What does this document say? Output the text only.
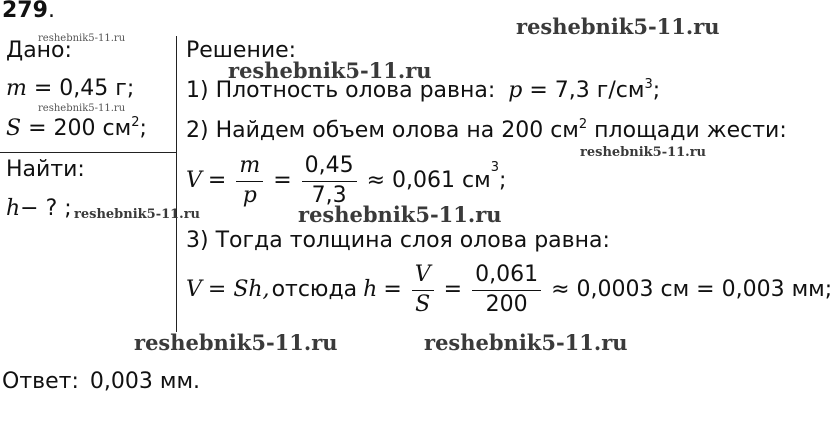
279.
Дано:
m = 0,45 г;
S = 200 $см^2$;
Найти:
h− ? ;
Решение:
1) Плотность олова равна: p = 7,3 $г/см^3$;
2) Найдем объем олова на 200 $см^2$ площади жести:
$V = \frac{m}{p} = \frac{0,45}{7,3} \approx 0,061$ см
3
;
3) Тогда толщина слоя олова равна:
V = Sh, отсюда $h = \frac{V}{S} = \frac{0,061}{200} \approx 0,0003$ см = 0,003 мм;
Ответ: 0,003 мм.
reshebnik5-11.ru
reshebnik5-11.ru
reshebnik5-11.ru
reshebnik5-11.ru
reshebnik5-11.ru
reshebnik5-11.ru	reshebnik5-11.ru
reshebnik5-11.ru	reshebnik5-11.ru
